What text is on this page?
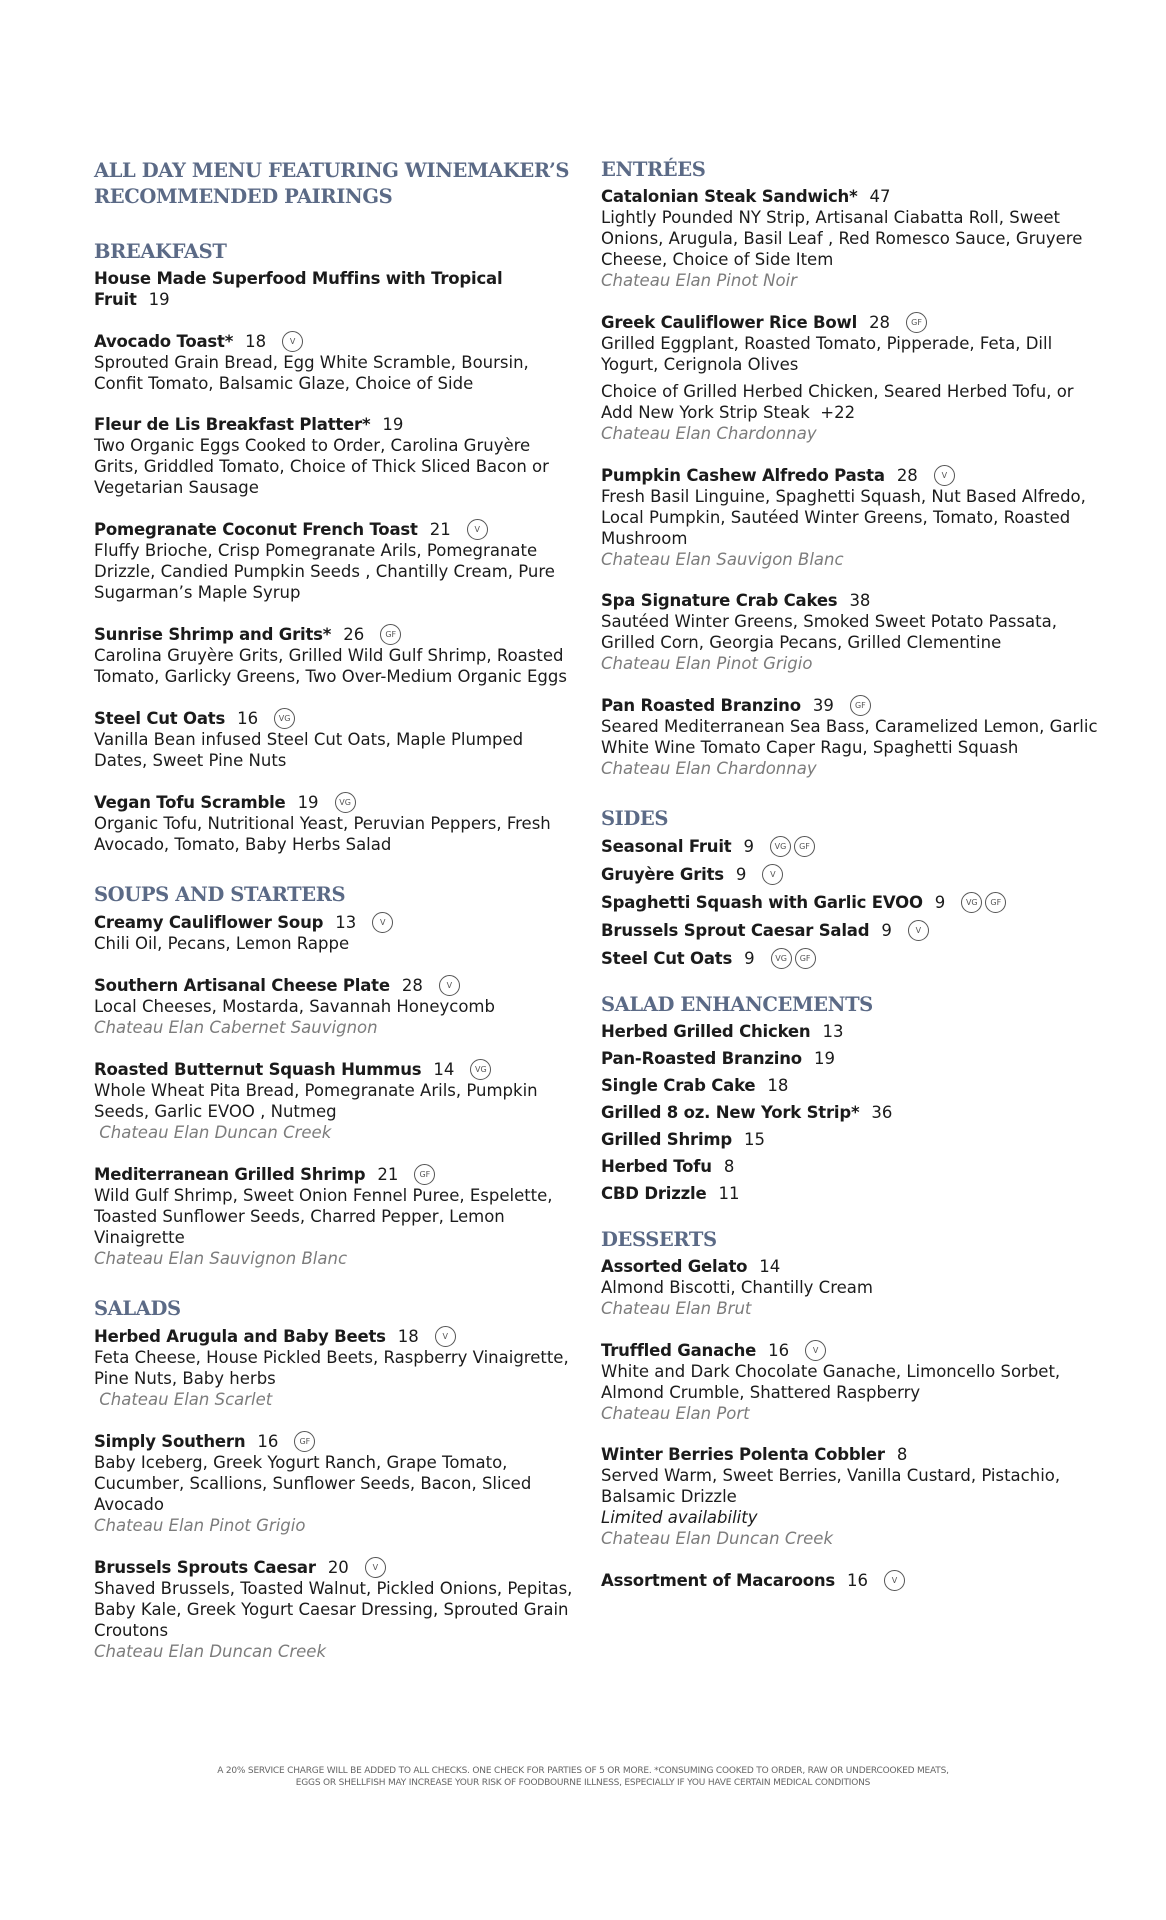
ALL DAY MENU FEATURING WINEMAKER’S RECOMMENDED PAIRINGS
BREAKFAST
House Made Superfood Muffins with Tropical Fruit 19
Avocado Toast* 18	V
Sprouted Grain Bread, Egg White Scramble, Boursin, Confit Tomato, Balsamic Glaze, Choice of Side
Fleur de Lis Breakfast Platter* 19
Two Organic Eggs Cooked to Order, Carolina Gruyère Grits, Griddled Tomato, Choice of Thick Sliced Bacon or Vegetarian Sausage
Pomegranate Coconut French Toast 21	V
Fluffy Brioche, Crisp Pomegranate Arils, Pomegranate Drizzle, Candied Pumpkin Seeds , Chantilly Cream, Pure Sugarman’s Maple Syrup
Sunrise Shrimp and Grits* 26	GF
Carolina Gruyère Grits, Grilled Wild Gulf Shrimp, Roasted Tomato, Garlicky Greens, Two Over-Medium Organic Eggs
Steel Cut Oats 16	VG
Vanilla Bean infused Steel Cut Oats, Maple Plumped Dates, Sweet Pine Nuts
Vegan Tofu Scramble 19	VG
Organic Tofu, Nutritional Yeast, Peruvian Peppers, Fresh Avocado, Tomato, Baby Herbs Salad
SOUPS AND STARTERS
Creamy Cauliflower Soup 13	V
Chili Oil, Pecans, Lemon Rappe
Southern Artisanal Cheese Plate 28	V
Local Cheeses, Mostarda, Savannah Honeycomb
Chateau Elan Cabernet Sauvignon
Roasted Butternut Squash Hummus 14	VG
Whole Wheat Pita Bread, Pomegranate Arils, Pumpkin Seeds, Garlic EVOO , Nutmeg
Chateau Elan Duncan Creek
Mediterranean Grilled Shrimp 21	GF
Wild Gulf Shrimp, Sweet Onion Fennel Puree, Espelette, Toasted Sunflower Seeds, Charred Pepper, Lemon Vinaigrette
Chateau Elan Sauvignon Blanc
SALADS
Herbed Arugula and Baby Beets 18	V
Feta Cheese, House Pickled Beets, Raspberry Vinaigrette, Pine Nuts, Baby herbs
Chateau Elan Scarlet
Simply Southern 16	GF
Baby Iceberg, Greek Yogurt Ranch, Grape Tomato, Cucumber, Scallions, Sunflower Seeds, Bacon, Sliced Avocado
Chateau Elan Pinot Grigio
Brussels Sprouts Caesar 20	V
Shaved Brussels, Toasted Walnut, Pickled Onions, Pepitas, Baby Kale, Greek Yogurt Caesar Dressing, Sprouted Grain Croutons
Chateau Elan Duncan Creek
ENTRÉES
Catalonian Steak Sandwich* 47
Lightly Pounded NY Strip, Artisanal Ciabatta Roll, Sweet Onions, Arugula, Basil Leaf , Red Romesco Sauce, Gruyere Cheese, Choice of Side Item
Chateau Elan Pinot Noir
Greek Cauliflower Rice Bowl 28	GF
Grilled Eggplant, Roasted Tomato, Pipperade, Feta, Dill Yogurt, Cerignola Olives
Choice of Grilled Herbed Chicken, Seared Herbed Tofu, or Add New York Strip Steak  +22
Chateau Elan Chardonnay
Pumpkin Cashew Alfredo Pasta 28	V
Fresh Basil Linguine, Spaghetti Squash, Nut Based Alfredo, Local Pumpkin, Sautéed Winter Greens, Tomato, Roasted Mushroom
Chateau Elan Sauvigon Blanc
Spa Signature Crab Cakes 38
Sautéed Winter Greens, Smoked Sweet Potato Passata, Grilled Corn, Georgia Pecans, Grilled Clementine
Chateau Elan Pinot Grigio
Pan Roasted Branzino 39	GF
Seared Mediterranean Sea Bass, Caramelized Lemon, Garlic White Wine Tomato Caper Ragu, Spaghetti Squash
Chateau Elan Chardonnay
SIDES
Seasonal Fruit 9	VG GF
Gruyère Grits 9	V
Spaghetti Squash with Garlic EVOO 9	VG GF
Brussels Sprout Caesar Salad 9	V
Steel Cut Oats 9	VG GF
SALAD ENHANCEMENTS
Herbed Grilled Chicken 13
Pan-Roasted Branzino 19
Single Crab Cake 18
Grilled 8 oz. New York Strip* 36
Grilled Shrimp 15
Herbed Tofu 8
CBD Drizzle 11
DESSERTS
Assorted Gelato 14
Almond Biscotti, Chantilly Cream
Chateau Elan Brut
Truffled Ganache 16	V
White and Dark Chocolate Ganache, Limoncello Sorbet, Almond Crumble, Shattered Raspberry
Chateau Elan Port
Winter Berries Polenta Cobbler 8
Served Warm, Sweet Berries, Vanilla Custard, Pistachio, Balsamic Drizzle
Limited availability
Chateau Elan Duncan Creek
Assortment of Macaroons 16	V
A 20% SERVICE CHARGE WILL BE ADDED TO ALL CHECKS. ONE CHECK FOR PARTIES OF 5 OR MORE. *CONSUMING COOKED TO ORDER, RAW OR UNDERCOOKED MEATS,
EGGS OR SHELLFISH MAY INCREASE YOUR RISK OF FOODBOURNE ILLNESS, ESPECIALLY IF YOU HAVE CERTAIN MEDICAL CONDITIONS
